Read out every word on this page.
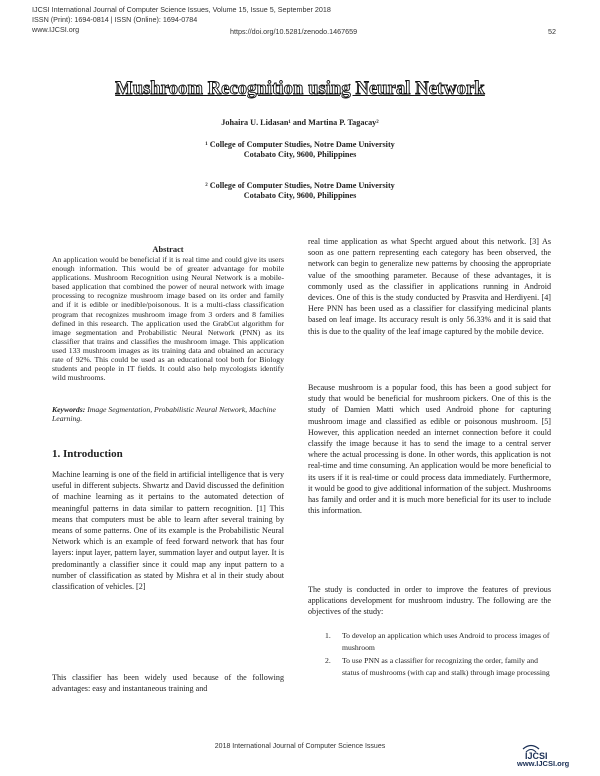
IJCSI International Journal of Computer Science Issues, Volume 15, Issue 5, September 2018
ISSN (Print): 1694-0814 | ISSN (Online): 1694-0784
www.IJCSI.org	https://doi.org/10.5281/zenodo.1467659	52
Mushroom Recognition using Neural Network
Johaira U. Lidasan¹ and Martina P. Tagacay²
¹ College of Computer Studies, Notre Dame University
Cotabato City, 9600, Philippines
² College of Computer Studies, Notre Dame University
Cotabato City, 9600, Philippines
Abstract

An application would be beneficial if it is real time and could give its users enough information. This would be of greater advantage for mobile applications. Mushroom Recognition using Neural Network is a mobile-based application that combined the power of neural network with image processing to recognize mushroom image based on its order and family and if it is edible or inedible/poisonous. It is a multi-class classification program that recognizes mushroom image from 3 orders and 8 families defined in this research. The application used the GrabCut algorithm for image segmentation and Probabilistic Neural Network (PNN) as its classifier that trains and classifies the mushroom image. This application used 133 mushroom images as its training data and obtained an accuracy rate of 92%. This could be used as an educational tool both for Biology students and people in IT fields. It could also help mycologists identify wild mushrooms.

Keywords: Image Segmentation, Probabilistic Neural Network, Machine Learning.
1. Introduction

Machine learning is one of the field in artificial intelligence that is very useful in different subjects. Shwartz and David discussed the definition of machine learning as it pertains to the automated detection of meaningful patterns in data similar to pattern recognition. [1] This means that computers must be able to learn after several training by means of some patterns. One of its example is the Probabilistic Neural Network which is an example of feed forward network that has four layers: input layer, pattern layer, summation layer and output layer. It is predominantly a classifier since it could map any input pattern to a number of classification as stated by Mishra et al in their study about classification of vehicles. [2]

This classifier has been widely used because of the following advantages: easy and instantaneous training and

real time application as what Specht argued about this network. [3] As soon as one pattern representing each category has been observed, the network can begin to generalize new patterns by choosing the appropriate value of the smoothing parameter. Because of these advantages, it is commonly used as the classifier in applications running in Android devices. One of this is the study conducted by Prasvita and Herdiyeni. [4] Here PNN has been used as a classifier for classifying medicinal plants based on leaf image. Its accuracy result is only 56.33% and it is said that this is due to the quality of the leaf image captured by the mobile device.

Because mushroom is a popular food, this has been a good subject for study that would be beneficial for mushroom pickers. One of this is the study of Damien Matti which used Android phone for capturing mushroom image and classified as edible or poisonous mushroom. [5] However, this application needed an internet connection before it could classify the image because it has to send the image to a central server where the actual processing is done. In other words, this application is not real-time and time consuming. An application would be more beneficial to its users if it is real-time or could process data immediately. Furthermore, it would be good to give additional information of the subject. Mushrooms has family and order and it is much more beneficial for its user to include this information.

The study is conducted in order to improve the features of previous applications development for mushroom industry. The following are the objectives of the study:

1. To develop an application which uses Android to process images of mushroom
2. To use PNN as a classifier for recognizing the order, family and status of mushrooms (with cap and stalk) through image processing
2018 International Journal of Computer Science Issues
IJCSI
www.IJCSI.org
